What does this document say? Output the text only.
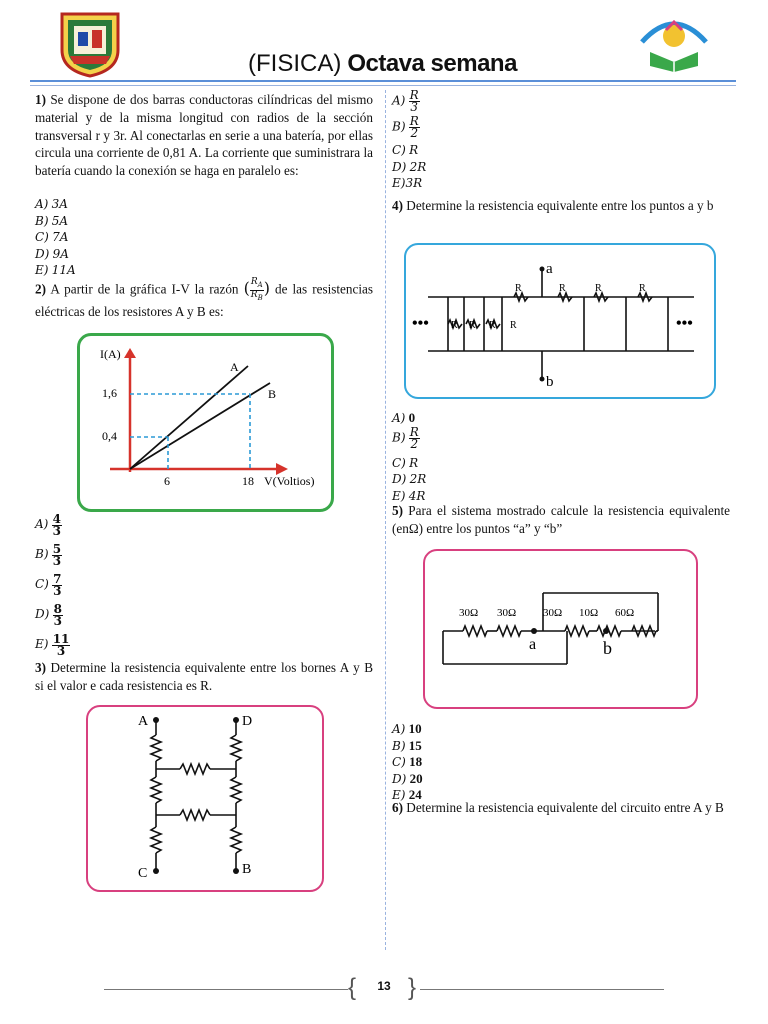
(FISICA) Octava semana
1) Se dispone de dos barras conductoras cilíndricas del mismo material y de la misma longitud con radios de la sección transversal r y 3r. Al conectarlas en serie a una batería, por ellas circula una corriente de 0,81 A. La corriente que suministrara la batería cuando la conexión se haga en paralelo es:
A) 3A
B) 5A
C) 7A
D) 9A
E) 11A
2) A partir de la gráfica I-V la razón ( $\frac{R_A}{R_B}$ ) de las resistencias eléctricas de los resistores A y B es:
I(A)
1,6
0,4
6	18 V(Voltios)
A
B
$A) \frac{4}{3}$
$B) \frac{5}{3}$
$C) \frac{7}{3}$
$D) \frac{8}{3}$
$E) \frac{11}{3}$
3) Determine la resistencia equivalente entre los bornes A y B si el valor e cada resistencia es R.
A	D
C	B
$A) \frac{R}{3}$
$B) \frac{R}{2}$
C) R
D) 2R
E)3R
4) Determine la resistencia equivalente entre los puntos a y b
•••	•••
a
b
R	R	R	R
R R R R
A) 0
$B) \frac{R}{2}$
C) R
D) 2R
E) 4R
5) Para el sistema mostrado calcule la resistencia equivalente (enΩ) entre los puntos “a” y “b”
30Ω 30Ω 30Ω 10Ω 60Ω
a	b
A) 10
B) 15
C) 18
D) 20
E) 24
6) Determine la resistencia equivalente del circuito entre A y B
{ }
13
